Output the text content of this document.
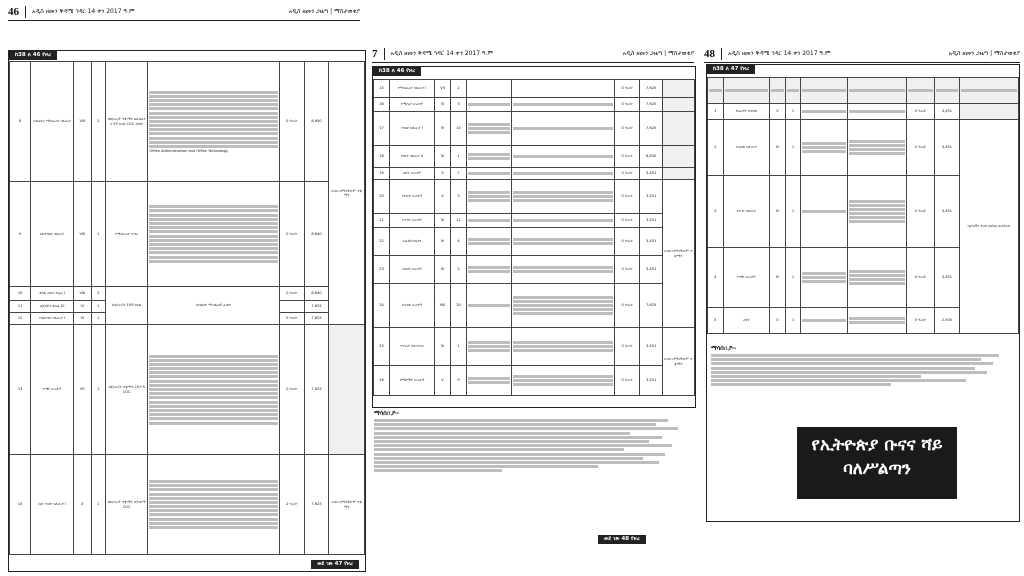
46 አዲስ ዘመን ቅዳሜ ኅዳር 14 ቀን 2017 ዓ.ም	አዲስ ዘመን ጋዜጣ | ማስታወቂያ
ከ38 ለ 46 የዞረ
8	ሴክሬተሪ ማብራሪያ ባለሙያ	VIII	2	ከቴ/ሙ/ት ተቋማት በሴክሬተሪ 5ኛ ደረጃ COC ያለው	Office Administration and Office Technology	0 ዓመት	8,640	አዲስ በማንኛውም ተቋማት
9	አስተዳደር ባለሙያ	VIII	1	የማብራሪያ ዲግሪ		0 ዓመት	8,640	
10	ቀላል መኪና ሾፌር I	VIII	2	ከቴ/ሙ/ት 10ኛ ክፍል	ከባለበት ማሠልጠኛ ፈቃድ	0 ዓመት	8,640	
11	ሬጀስትሪ ጸሐፊ III	VI	1				7,625	
12	የፋይናንስ ባለሙያ I	VI	1			0 ዓመት	7,625	
13	የግዥ ሠራተኛ	VII	1	ከቴ/ሙ/ት ተቋማት 10+3 COC		0 ዓመት	7,625	
14	ሰው ሃብት ባለሙያ I	X	1	ከቴ/ሙ/ት ተቋማት ዲፕሎማ COC		2 ዓመት	7,625	አዲስ በማንኛውም ተቋማት
ወደ ገጽ 47 የዞረ
7 አዲስ ዘመን ቅዳሜ ኅዳር 14 ቀን 2017 ዓ.ም	አዲስ ዘመን ጋዜጣ | ማስታወቂያ
ከ38 ለ 46 የዞረ
15	የማብራሪያ ባለሙያ I	VII	2			0 ዓመት	7,625	
16	የሚዲያ ሠራተኛ	VI	3			0 ዓመት	7,625	
17	የገበያ ባለሙያ I	IV	14			0 ዓመት	7,625	
18	የገበያ ባለሙያ II	IV	1			0 ዓመት	6,830	
19	ፅዳት ሠራተኛ	II	7			0 ዓመት	3,451	
20	የጥበቃ ሠራተኛ	II	3			0 ዓመት	3,451	አዲስ በማንኛውም ተቋማት
21	የጥገና ሠራተኛ	IV	12			0 ዓመት	3,451	
22	ኤሌክትሪሺያን	IV	4			0 ዓመት	3,451	
23	የእርሻ ሠራተኛ	III	2			0 ዓመት	3,451	
24	የመስክ ሠራተኛ	VIII	20			0 ዓመት	7,625	
25	የጥራት ተቆጣጣሪ	IV	1			0 ዓመት	3,451	አዲስ በማንኛውም ተቋማት
26	የማከማቻ ሠራተኛ	V	9			0 ዓመት	3,451	
ማሳሰቢያ፡-
ወደ ገጽ 48 የዞረ
48 አዲስ ዘመን ቅዳሜ ኅዳር 14 ቀን 2017 ዓ.ም	አዲስ ዘመን ጋዜጣ | ማስታወቂያ
ከ38 ለ 47 የዞረ

1	የሰራተኛ ተወካይ	V	1			0 ዓመት	3,451	
2	የመስክ ባለሙያ	IV	1			0 ዓመት	3,451	ቢሮአችን ድረስ በአካል በመቅረብ
3	የጥገና ባለሙያ	IV	1			0 ዓመት	3,451	
4	የግዥ ሠራተኛ	IV	1			0 ዓመት	3,451	
5	ረዳት	II	1			0 ዓመት	2,500	
ማሳሰቢያ፡-
የኢትዮጵያ ቡናና ሻይ
ባለሥልጣን
